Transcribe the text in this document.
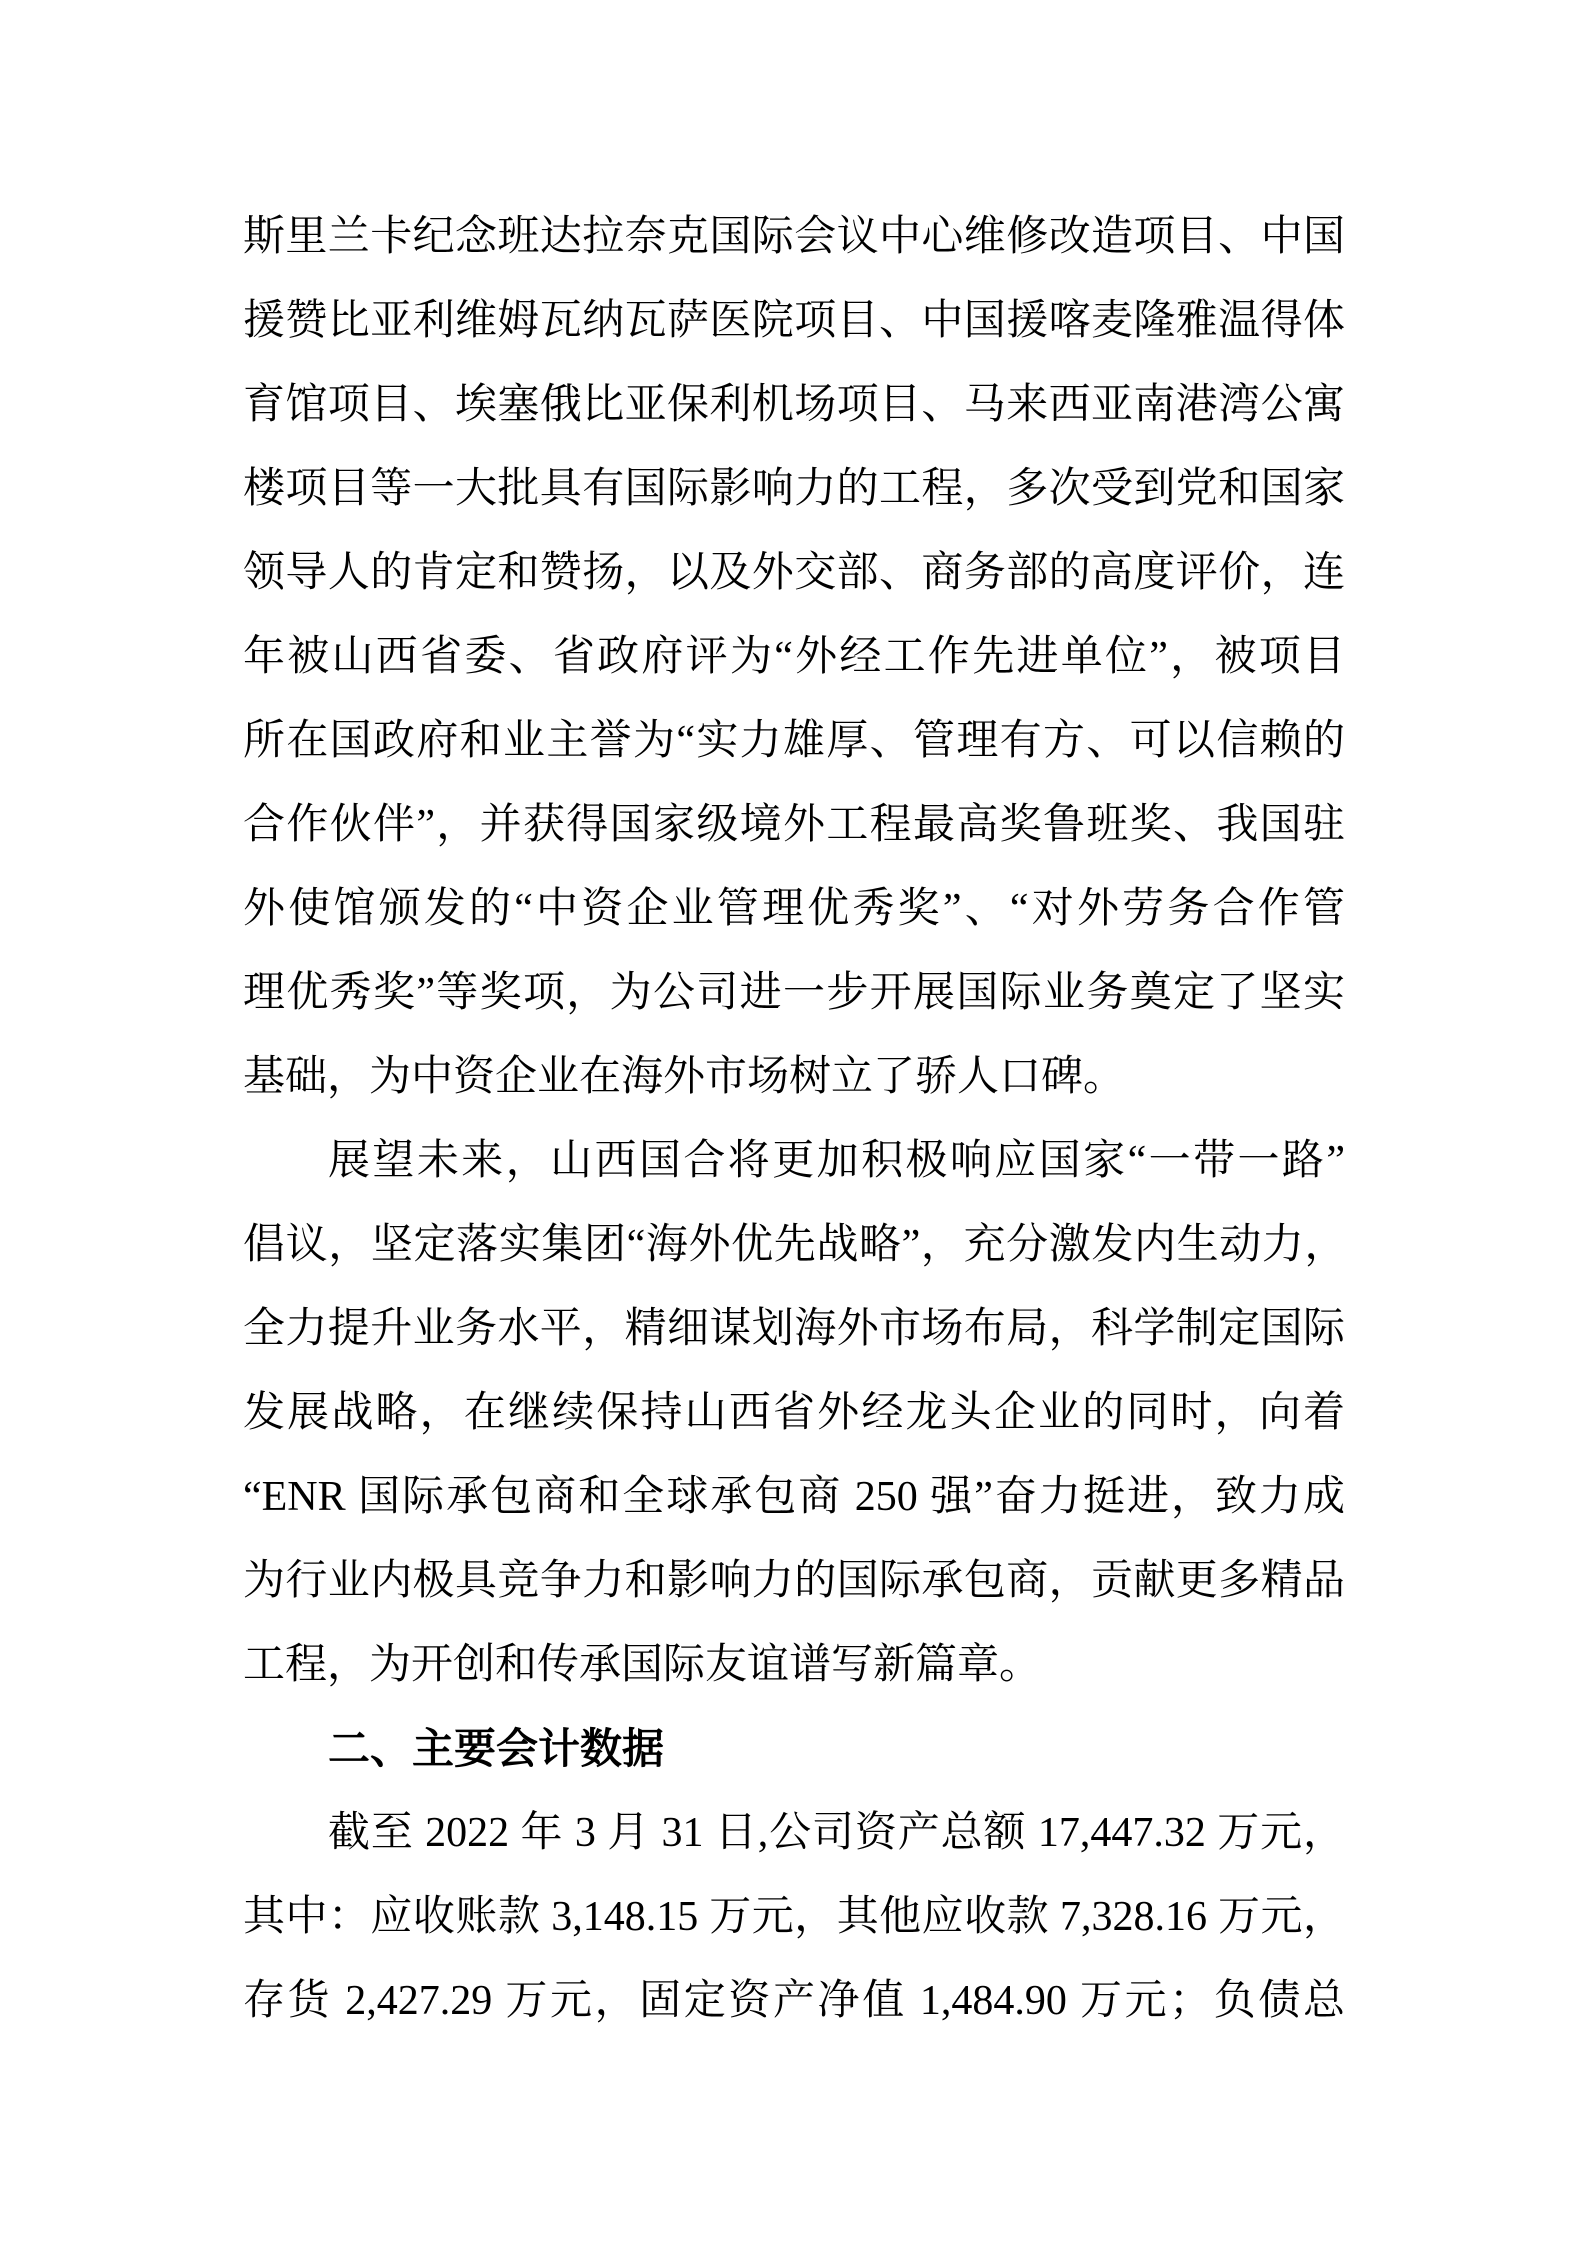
斯里兰卡纪念班达拉奈克国际会议中心维修改造项目、中国
援赞比亚利维姆瓦纳瓦萨医院项目、中国援喀麦隆雅温得体
育馆项目、埃塞俄比亚保利机场项目、马来西亚南港湾公寓
楼项目等一大批具有国际影响力的工程，多次受到党和国家
领导人的肯定和赞扬，以及外交部、商务部的高度评价，连
年被山西省委、省政府评为“外经工作先进单位”，被项目
所在国政府和业主誉为“实力雄厚、管理有方、可以信赖的
合作伙伴”，并获得国家级境外工程最高奖鲁班奖、我国驻
外使馆颁发的“中资企业管理优秀奖”、“对外劳务合作管
理优秀奖”等奖项，为公司进一步开展国际业务奠定了坚实
基础，为中资企业在海外市场树立了骄人口碑。
展望未来，山西国合将更加积极响应国家“一带一路”
倡议，坚定落实集团“海外优先战略”，充分激发内生动力，
全力提升业务水平，精细谋划海外市场布局，科学制定国际
发展战略，在继续保持山西省外经龙头企业的同时，向着
“ENR 国际承包商和全球承包商 250 强”奋力挺进，致力成
为行业内极具竞争力和影响力的国际承包商，贡献更多精品
工程，为开创和传承国际友谊谱写新篇章。
二、主要会计数据
截至 2022 年 3 月 31 日,公司资产总额 17,447.32 万元，
其中：应收账款 3,148.15 万元，其他应收款 7,328.16 万元，
存货 2,427.29 万元，固定资产净值 1,484.90 万元；负债总
